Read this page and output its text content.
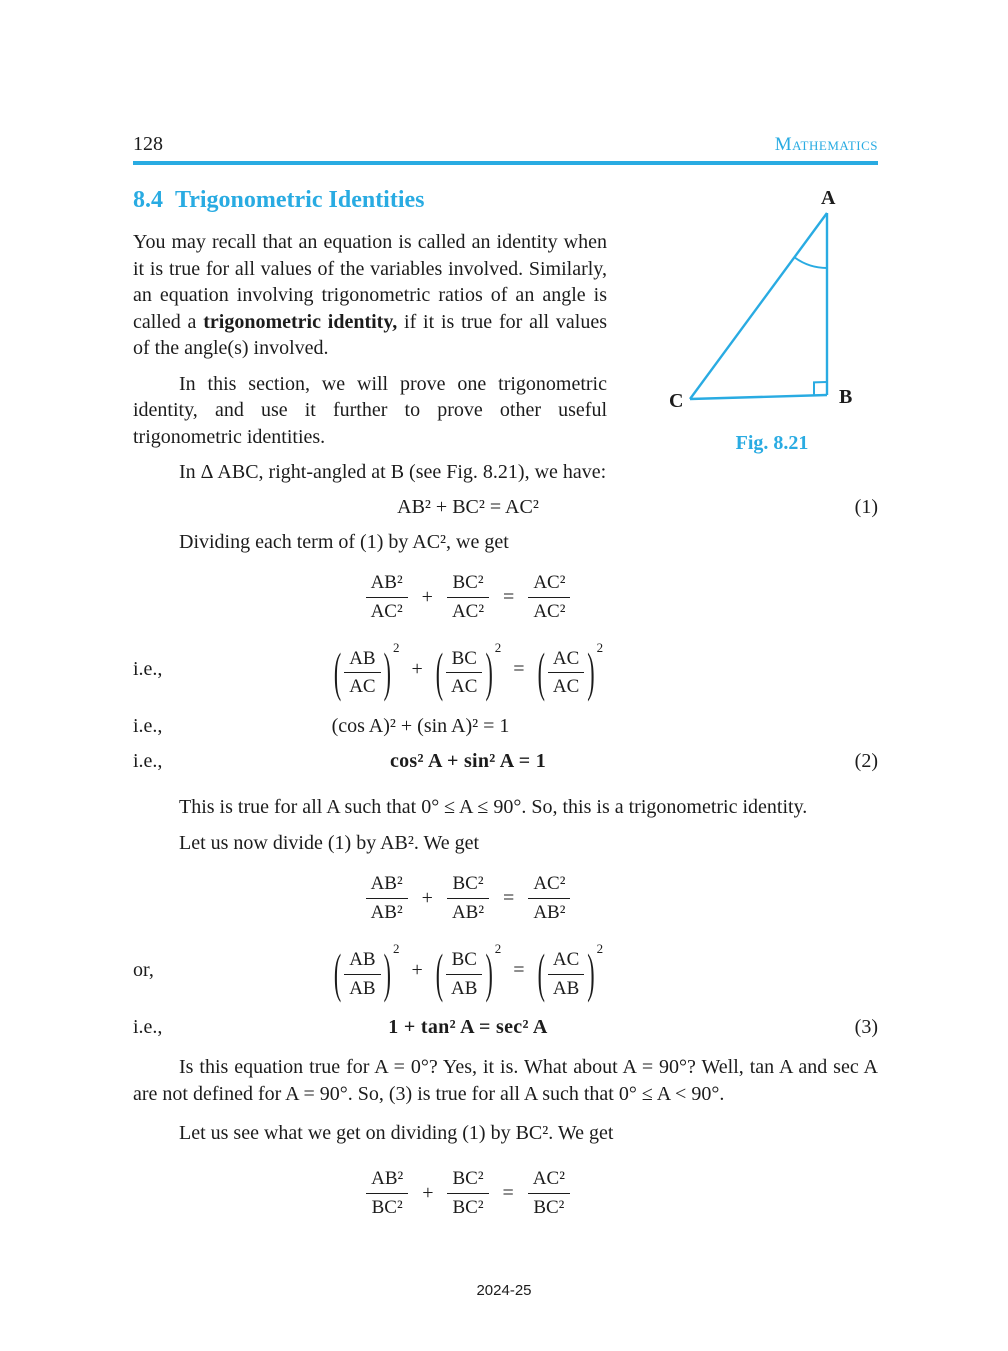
128	Mathematics
8.4 Trigonometric Identities

You may recall that an equation is called an identity when it is true for all values of the variables involved. Similarly, an equation involving trigonometric ratios of an angle is called a trigonometric identity, if it is true for all values of the angle(s) involved.

In this section, we will prove one trigonometric identity, and use it further to prove other useful trigonometric identities.

A
B
C
Fig. 8.21

In Δ ABC, right-angled at B (see Fig. 8.21), we have:

AB² + BC² = AC²	(1)

Dividing each term of (1) by AC², we get

$\frac{\text{AB²}}{\text{AC²}} + \frac{\text{BC²}}{\text{AC²}} = \frac{\text{AC²}}{\text{AC²}}$
i.e.,	( $\frac{AB}{AC}$ ) $^2$ + ( $\frac{BC}{AC}$ ) $^2$ = ( $\frac{AC}{AC}$ ) $^2$
i.e.,	(cos A)² + (sin A)² = 1
i.e.,	cos² A + sin² A = 1	(2)

This is true for all A such that 0° ≤ A ≤ 90°. So, this is a trigonometric identity.

Let us now divide (1) by AB². We get

$\frac{\text{AB²}}{\text{AB²}} + \frac{\text{BC²}}{\text{AB²}} = \frac{\text{AC²}}{\text{AB²}}$
or,	( $\frac{AB}{AB}$ ) $^2$ + ( $\frac{BC}{AB}$ ) $^2$ = ( $\frac{AC}{AB}$ ) $^2$
i.e.,	1 + tan² A = sec² A	(3)

Is this equation true for A = 0°? Yes, it is. What about A = 90°? Well, tan A and sec A are not defined for A = 90°. So, (3) is true for all A such that 0° ≤ A < 90°.

Let us see what we get on dividing (1) by BC². We get

$\frac{\text{AB²}}{\text{BC²}} + \frac{\text{BC²}}{\text{BC²}} = \frac{\text{AC²}}{\text{BC²}}$
2024-25
